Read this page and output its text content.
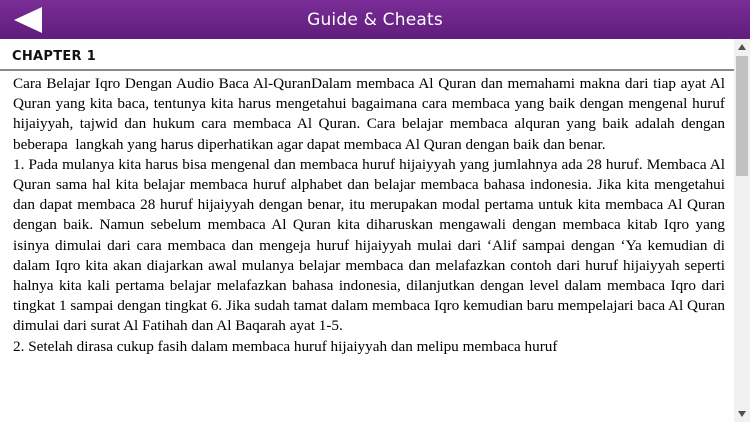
Guide & Cheats
CHAPTER 1
Cara Belajar Iqro Dengan Audio Baca Al-QuranDalam membaca Al Quran dan memahami makna dari tiap ayat Al Quran yang kita baca, tentunya kita harus mengetahui bagaimana cara membaca yang baik dengan mengenal huruf hijaiyyah, tajwid dan hukum cara membaca Al Quran. Cara belajar membaca alquran yang baik adalah dengan beberapa  langkah yang harus diperhatikan agar dapat membaca Al Quran dengan baik dan benar.
1. Pada mulanya kita harus bisa mengenal dan membaca huruf hijaiyyah yang jumlahnya ada 28 huruf. Membaca Al Quran sama hal kita belajar membaca huruf alphabet dan belajar membaca bahasa indonesia. Jika kita mengetahui dan dapat membaca 28 huruf hijaiyyah dengan benar, itu merupakan modal pertama untuk kita membaca Al Quran dengan baik. Namun sebelum membaca Al Quran kita diharuskan mengawali dengan membaca kitab Iqro yang isinya dimulai dari cara membaca dan mengeja huruf hijaiyyah mulai dari ‘Alif sampai dengan ‘Ya kemudian di dalam Iqro kita akan diajarkan awal mulanya belajar membaca dan melafazkan contoh dari huruf hijaiyyah seperti halnya kita kali pertama belajar melafazkan bahasa indonesia, dilanjutkan dengan level dalam membaca Iqro dari tingkat 1 sampai dengan tingkat 6. Jika sudah tamat dalam membaca Iqro kemudian baru mempelajari baca Al Quran dimulai dari surat Al Fatihah dan Al Baqarah ayat 1-5.
2. Setelah dirasa cukup fasih dalam membaca huruf hijaiyyah dan melipu membaca huruf
